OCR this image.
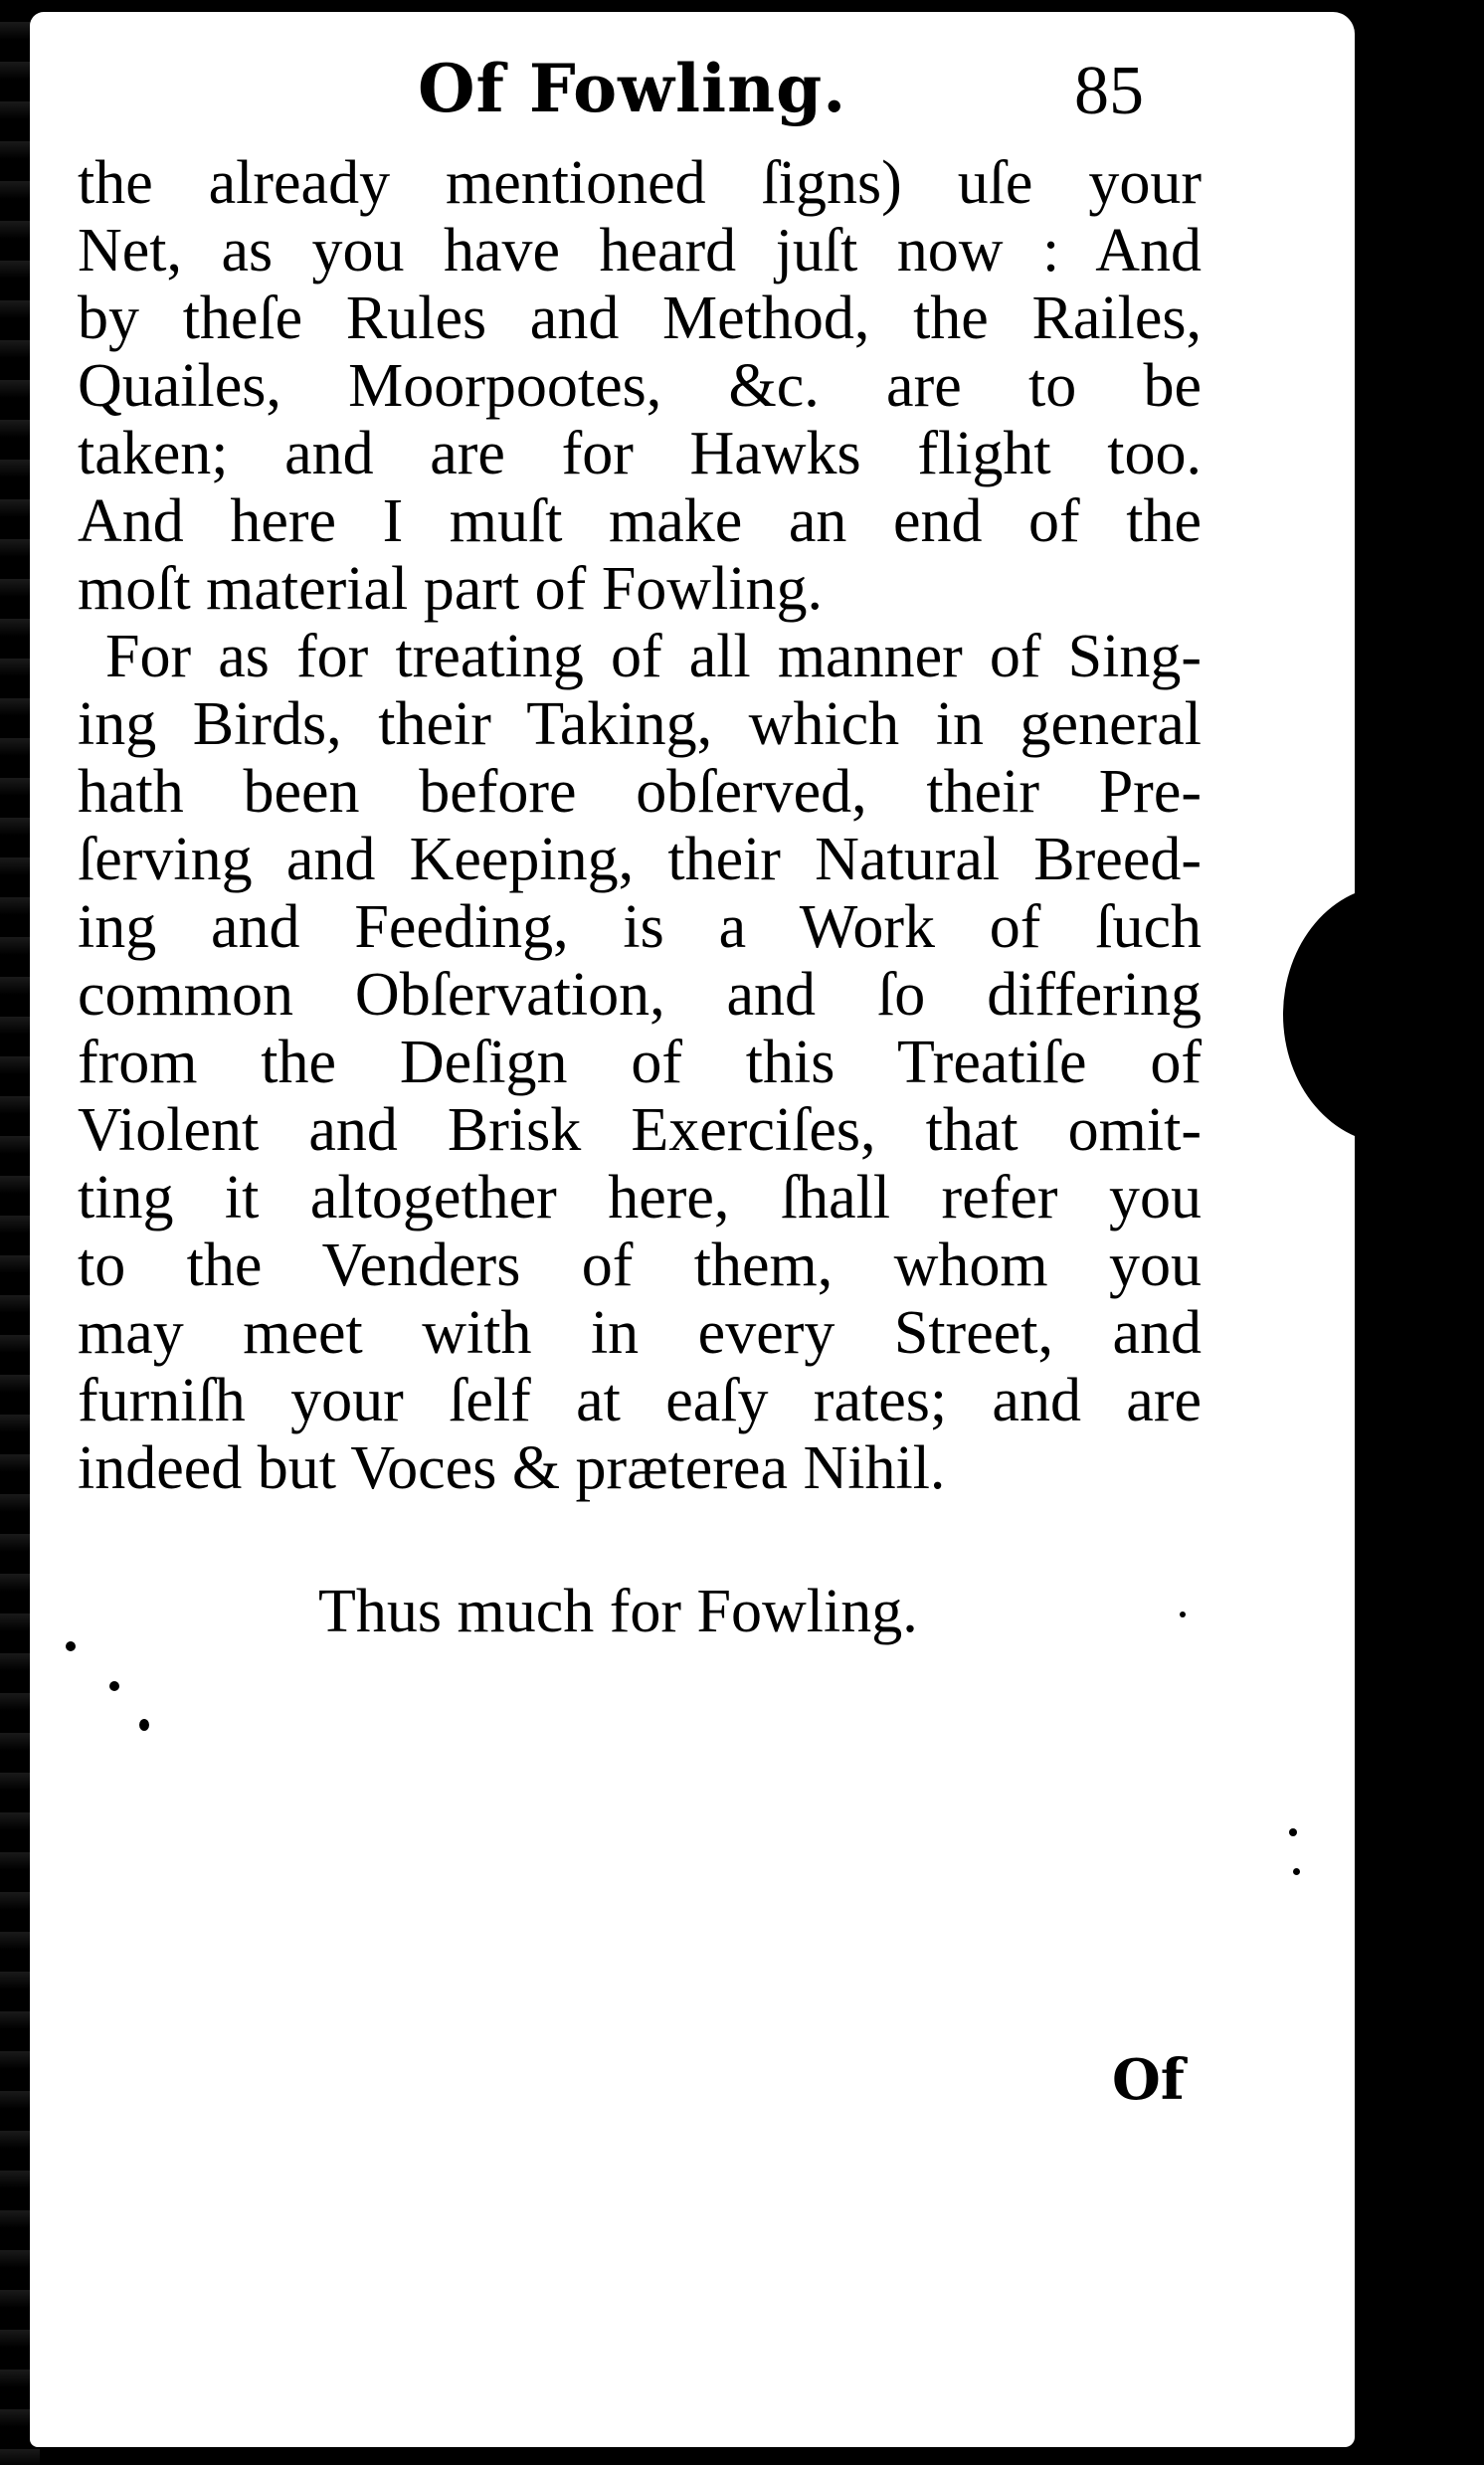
Of Fowling.	85
the already mentioned ſigns) uſe your
Net, as you have heard juſt now : And
by theſe Rules and Method, the Railes,
Quailes, Moorpootes, &c. are to be
taken; and are for Hawks flight too.
And here I muſt make an end of the
moſt material part of Fowling.
For as for treating of all manner of Sing-
ing Birds, their Taking, which in general
hath been before obſerved, their Pre-
ſerving and Keeping, their Natural Breed-
ing and Feeding, is a Work of ſuch
common Obſervation, and ſo differing
from the Deſign of this Treatiſe of
Violent and Brisk Exerciſes, that omit-
ting it altogether here, ſhall refer you
to the Venders of them, whom you
may meet with in every Street, and
furniſh your ſelf at eaſy rates; and are
indeed but Voces & præterea Nihil.
Thus much for Fowling.
Of
